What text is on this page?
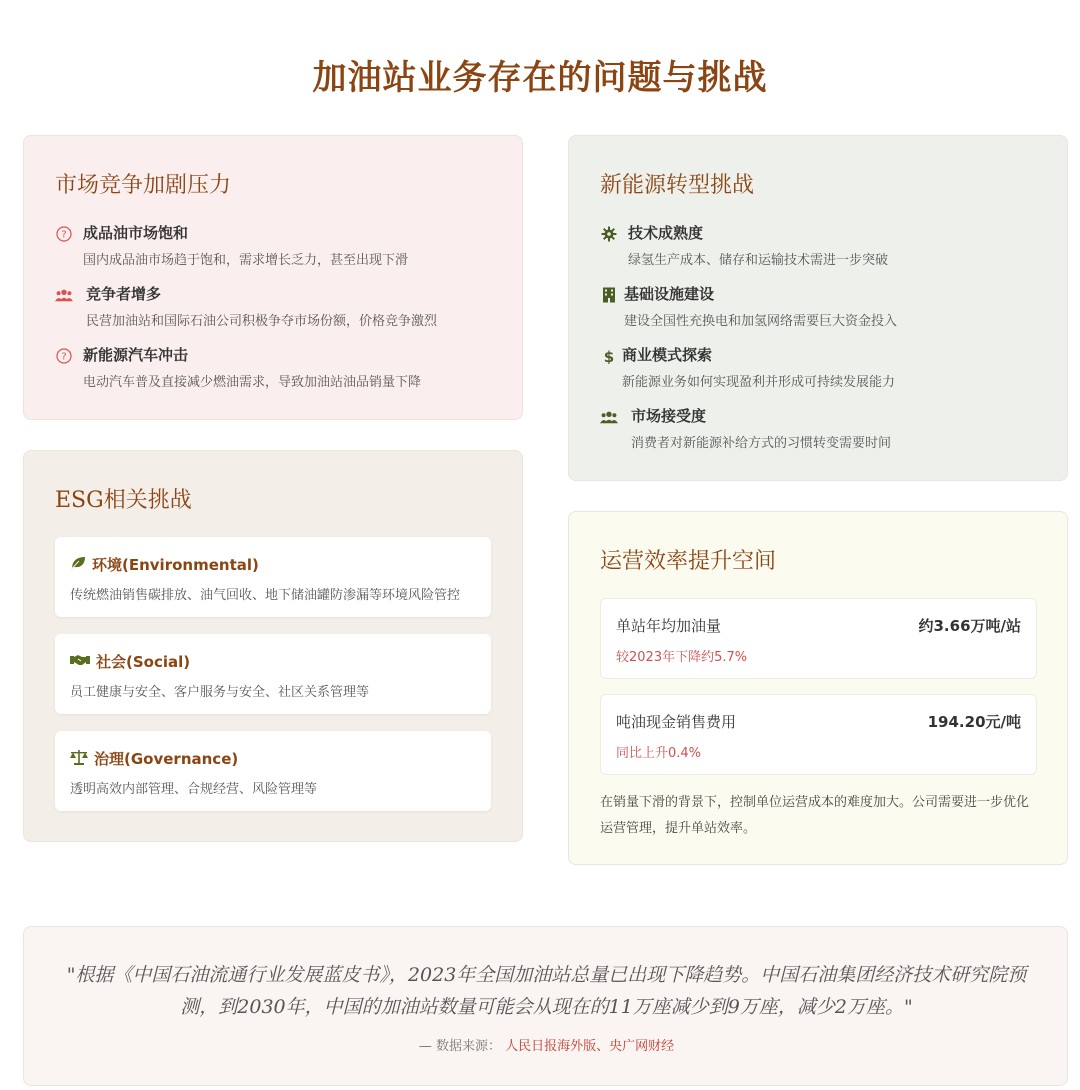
加油站业务存在的问题与挑战
市场竞争加剧压力
? 成品油市场饱和
国内成品油市场趋于饱和，需求增长乏力，甚至出现下滑
竞争者增多
民营加油站和国际石油公司积极争夺市场份额，价格竞争激烈
? 新能源汽车冲击
电动汽车普及直接减少燃油需求，导致加油站油品销量下降
新能源转型挑战
技术成熟度
绿氢生产成本、储存和运输技术需进一步突破
基础设施建设
建设全国性充换电和加氢网络需要巨大资金投入
$ 商业模式探索
新能源业务如何实现盈利并形成可持续发展能力
市场接受度
消费者对新能源补给方式的习惯转变需要时间
ESG相关挑战
环境(Environmental)
传统燃油销售碳排放、油气回收、地下储油罐防渗漏等环境风险管控
社会(Social)
员工健康与安全、客户服务与安全、社区关系管理等
治理(Governance)
透明高效内部管理、合规经营、风险管理等
运营效率提升空间
单站年均加油量	约3.66万吨/站
较2023年下降约5.7%
吨油现金销售费用	194.20元/吨
同比上升0.4%
在销量下滑的背景下，控制单位运营成本的难度加大。公司需要进一步优化运营管理，提升单站效率。
"根据《中国石油流通行业发展蓝皮书》，2023年全国加油站总量已出现下降趋势。中国石油集团经济技术研究院预测，到2030年，中国的加油站数量可能会从现在的11万座减少到9万座，减少2万座。"
— 数据来源： 人民日报海外版、央广网财经
